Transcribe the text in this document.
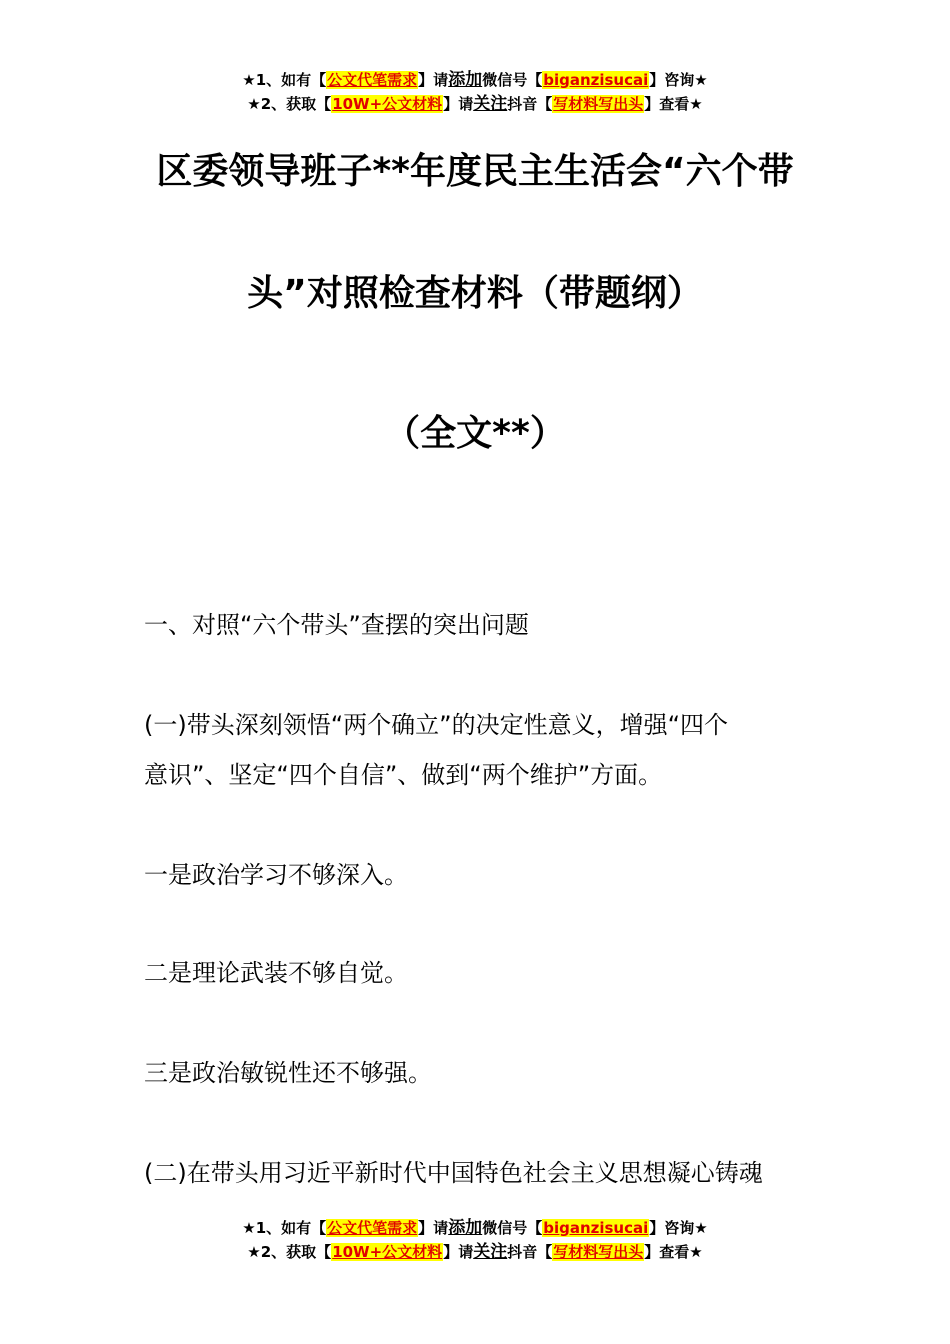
★1、如有【公文代笔需求】请添加微信号【biganzisucai】咨询★
★2、获取【10W+公文材料】请关注抖音【写材料写出头】查看★
区委领导班子**年度民主生活会“六个带
头”对照检查材料（带题纲）
（全文**）
一、对照“六个带头”查摆的突出问题
(一)带头深刻领悟“两个确立”的决定性意义，增强“四个
意识”、坚定“四个自信”、做到“两个维护”方面。
一是政治学习不够深入。
二是理论武装不够自觉。
三是政治敏锐性还不够强。
(二)在带头用习近平新时代中国特色社会主义思想凝心铸魂
★1、如有【公文代笔需求】请添加微信号【biganzisucai】咨询★
★2、获取【10W+公文材料】请关注抖音【写材料写出头】查看★
